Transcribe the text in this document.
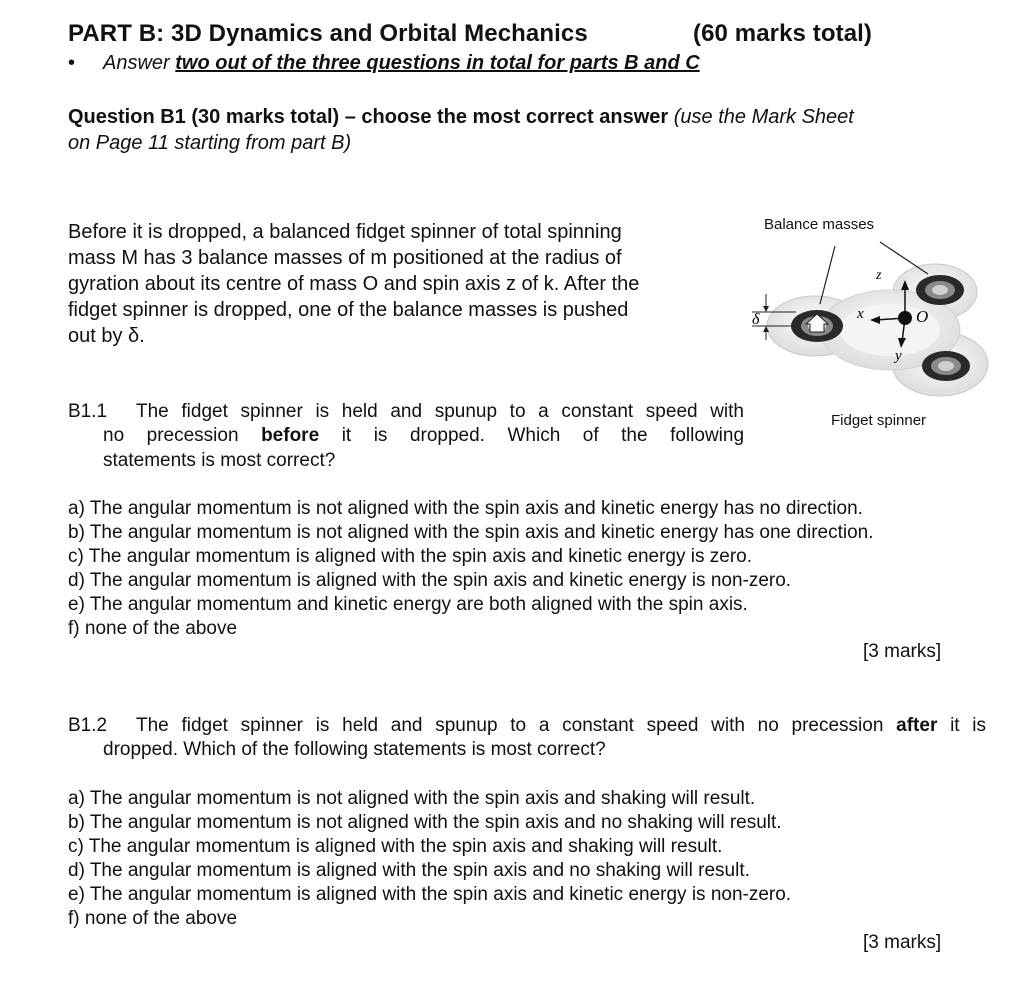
PART B: 3D Dynamics and Orbital Mechanics	(60 marks total)
• Answer two out of the three questions in total for parts B and C
Question B1 (30 marks total) – choose the most correct answer (use the Mark Sheet
on Page 11 starting from part B)
Before it is dropped, a balanced fidget spinner of total spinning
mass M has 3 balance masses of m positioned at the radius of
gyration about its centre of mass O and spin axis z of k. After the
fidget spinner is dropped, one of the balance masses is pushed
out by δ.
Balance masses
Fidget spinner
δ
z
x
y
O
B1.1 The fidget spinner is held and spunup to a constant speed with
no precession before it is dropped. Which of the following
statements is most correct?
a) The angular momentum is not aligned with the spin axis and kinetic energy has no direction.
b) The angular momentum is not aligned with the spin axis and kinetic energy has one direction.
c) The angular momentum is aligned with the spin axis and kinetic energy is zero.
d) The angular momentum is aligned with the spin axis and kinetic energy is non-zero.
e) The angular momentum and kinetic energy are both aligned with the spin axis.
f) none of the above
[3 marks]
B1.2 The fidget spinner is held and spunup to a constant speed with no precession after it is
dropped. Which of the following statements is most correct?
a) The angular momentum is not aligned with the spin axis and shaking will result.
b) The angular momentum is not aligned with the spin axis and no shaking will result.
c) The angular momentum is aligned with the spin axis and shaking will result.
d) The angular momentum is aligned with the spin axis and no shaking will result.
e) The angular momentum is aligned with the spin axis and kinetic energy is non-zero.
f) none of the above
[3 marks]
